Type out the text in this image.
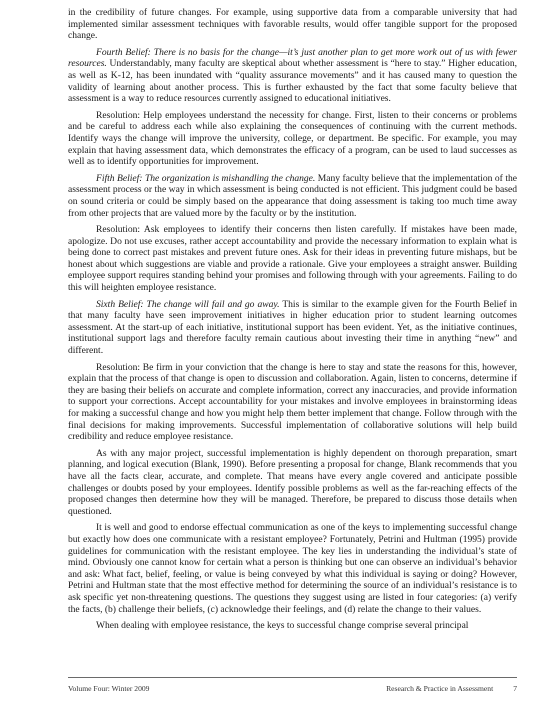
in the credibility of future changes. For example, using supportive data from a comparable university that had implemented similar assessment techniques with favorable results, would offer tangible support for the proposed change.

Fourth Belief: There is no basis for the change—it’s just another plan to get more work out of us with fewer resources. Understandably, many faculty are skeptical about whether assessment is “here to stay.” Higher education, as well as K-12, has been inundated with “quality assurance movements” and it has caused many to question the validity of learning about another process. This is further exhausted by the fact that some faculty believe that assessment is a way to reduce resources currently assigned to educational initiatives.

Resolution: Help employees understand the necessity for change. First, listen to their concerns or problems and be careful to address each while also explaining the consequences of continuing with the current methods. Identify ways the change will improve the university, college, or department. Be specific. For example, you may explain that having assessment data, which demonstrates the efficacy of a program, can be used to laud successes as well as to identify opportunities for improvement.

Fifth Belief: The organization is mishandling the change. Many faculty believe that the implementation of the assessment process or the way in which assessment is being conducted is not efficient. This judgment could be based on sound criteria or could be simply based on the appearance that doing assessment is taking too much time away from other projects that are valued more by the faculty or by the institution.

Resolution: Ask employees to identify their concerns then listen carefully. If mistakes have been made, apologize. Do not use excuses, rather accept accountability and provide the necessary information to explain what is being done to correct past mistakes and prevent future ones. Ask for their ideas in preventing future mishaps, but be honest about which suggestions are viable and provide a rationale. Give your employees a straight answer. Building employee support requires standing behind your promises and following through with your agreements. Failing to do this will heighten employee resistance.

Sixth Belief: The change will fail and go away. This is similar to the example given for the Fourth Belief in that many faculty have seen improvement initiatives in higher education prior to student learning outcomes assessment. At the start-up of each initiative, institutional support has been evident. Yet, as the initiative continues, institutional support lags and therefore faculty remain cautious about investing their time in anything “new” and different.

Resolution: Be firm in your conviction that the change is here to stay and state the reasons for this, however, explain that the process of that change is open to discussion and collaboration. Again, listen to concerns, determine if they are basing their beliefs on accurate and complete information, correct any inaccuracies, and provide information to support your corrections. Accept accountability for your mistakes and involve employees in brainstorming ideas for making a successful change and how you might help them better implement that change. Follow through with the final decisions for making improvements. Successful implementation of collaborative solutions will help build credibility and reduce employee resistance.

As with any major project, successful implementation is highly dependent on thorough preparation, smart planning, and logical execution (Blank, 1990). Before presenting a proposal for change, Blank recommends that you have all the facts clear, accurate, and complete. That means have every angle covered and anticipate possible challenges or doubts posed by your employees. Identify possible problems as well as the far-reaching effects of the proposed changes then determine how they will be managed. Therefore, be prepared to discuss those details when questioned.

It is well and good to endorse effectual communication as one of the keys to implementing successful change but exactly how does one communicate with a resistant employee? Fortunately, Petrini and Hultman (1995) provide guidelines for communication with the resistant employee. The key lies in understanding the individual’s state of mind. Obviously one cannot know for certain what a person is thinking but one can observe an individual’s behavior and ask: What fact, belief, feeling, or value is being conveyed by what this individual is saying or doing? However, Petrini and Hultman state that the most effective method for determining the source of an individual’s resistance is to ask specific yet non-threatening questions. The questions they suggest using are listed in four categories: (a) verify the facts, (b) challenge their beliefs, (c) acknowledge their feelings, and (d) relate the change to their values.

When dealing with employee resistance, the keys to successful change comprise several principal

Volume Four: Winter 2009	Research & Practice in Assessment	7
